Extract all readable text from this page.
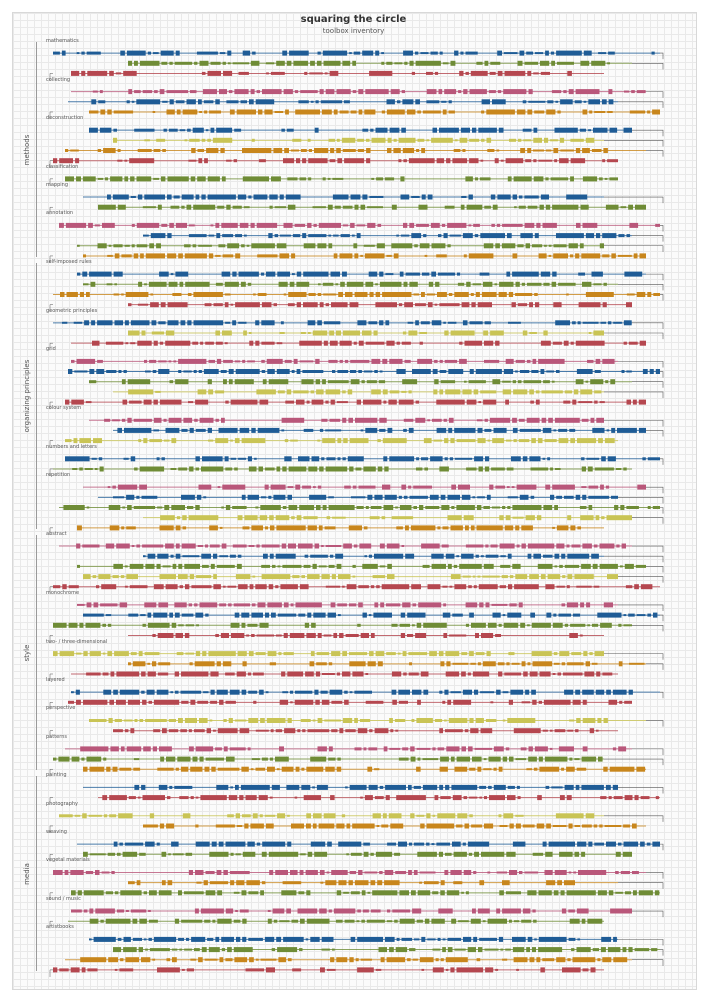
squaring the circle
toolbox inventory
methods
organizing principles
style
media
mathematics
collecting
deconstruction
classification
mapping
annotation
self-imposed rules
geometric principles
grid
colour system
numbers and letters
repetition
abstract
monochrome
two- / three-dimensional
layered
perspective
patterns
painting
photography
weaving
vegetal materials
sound / music
artistbooks
